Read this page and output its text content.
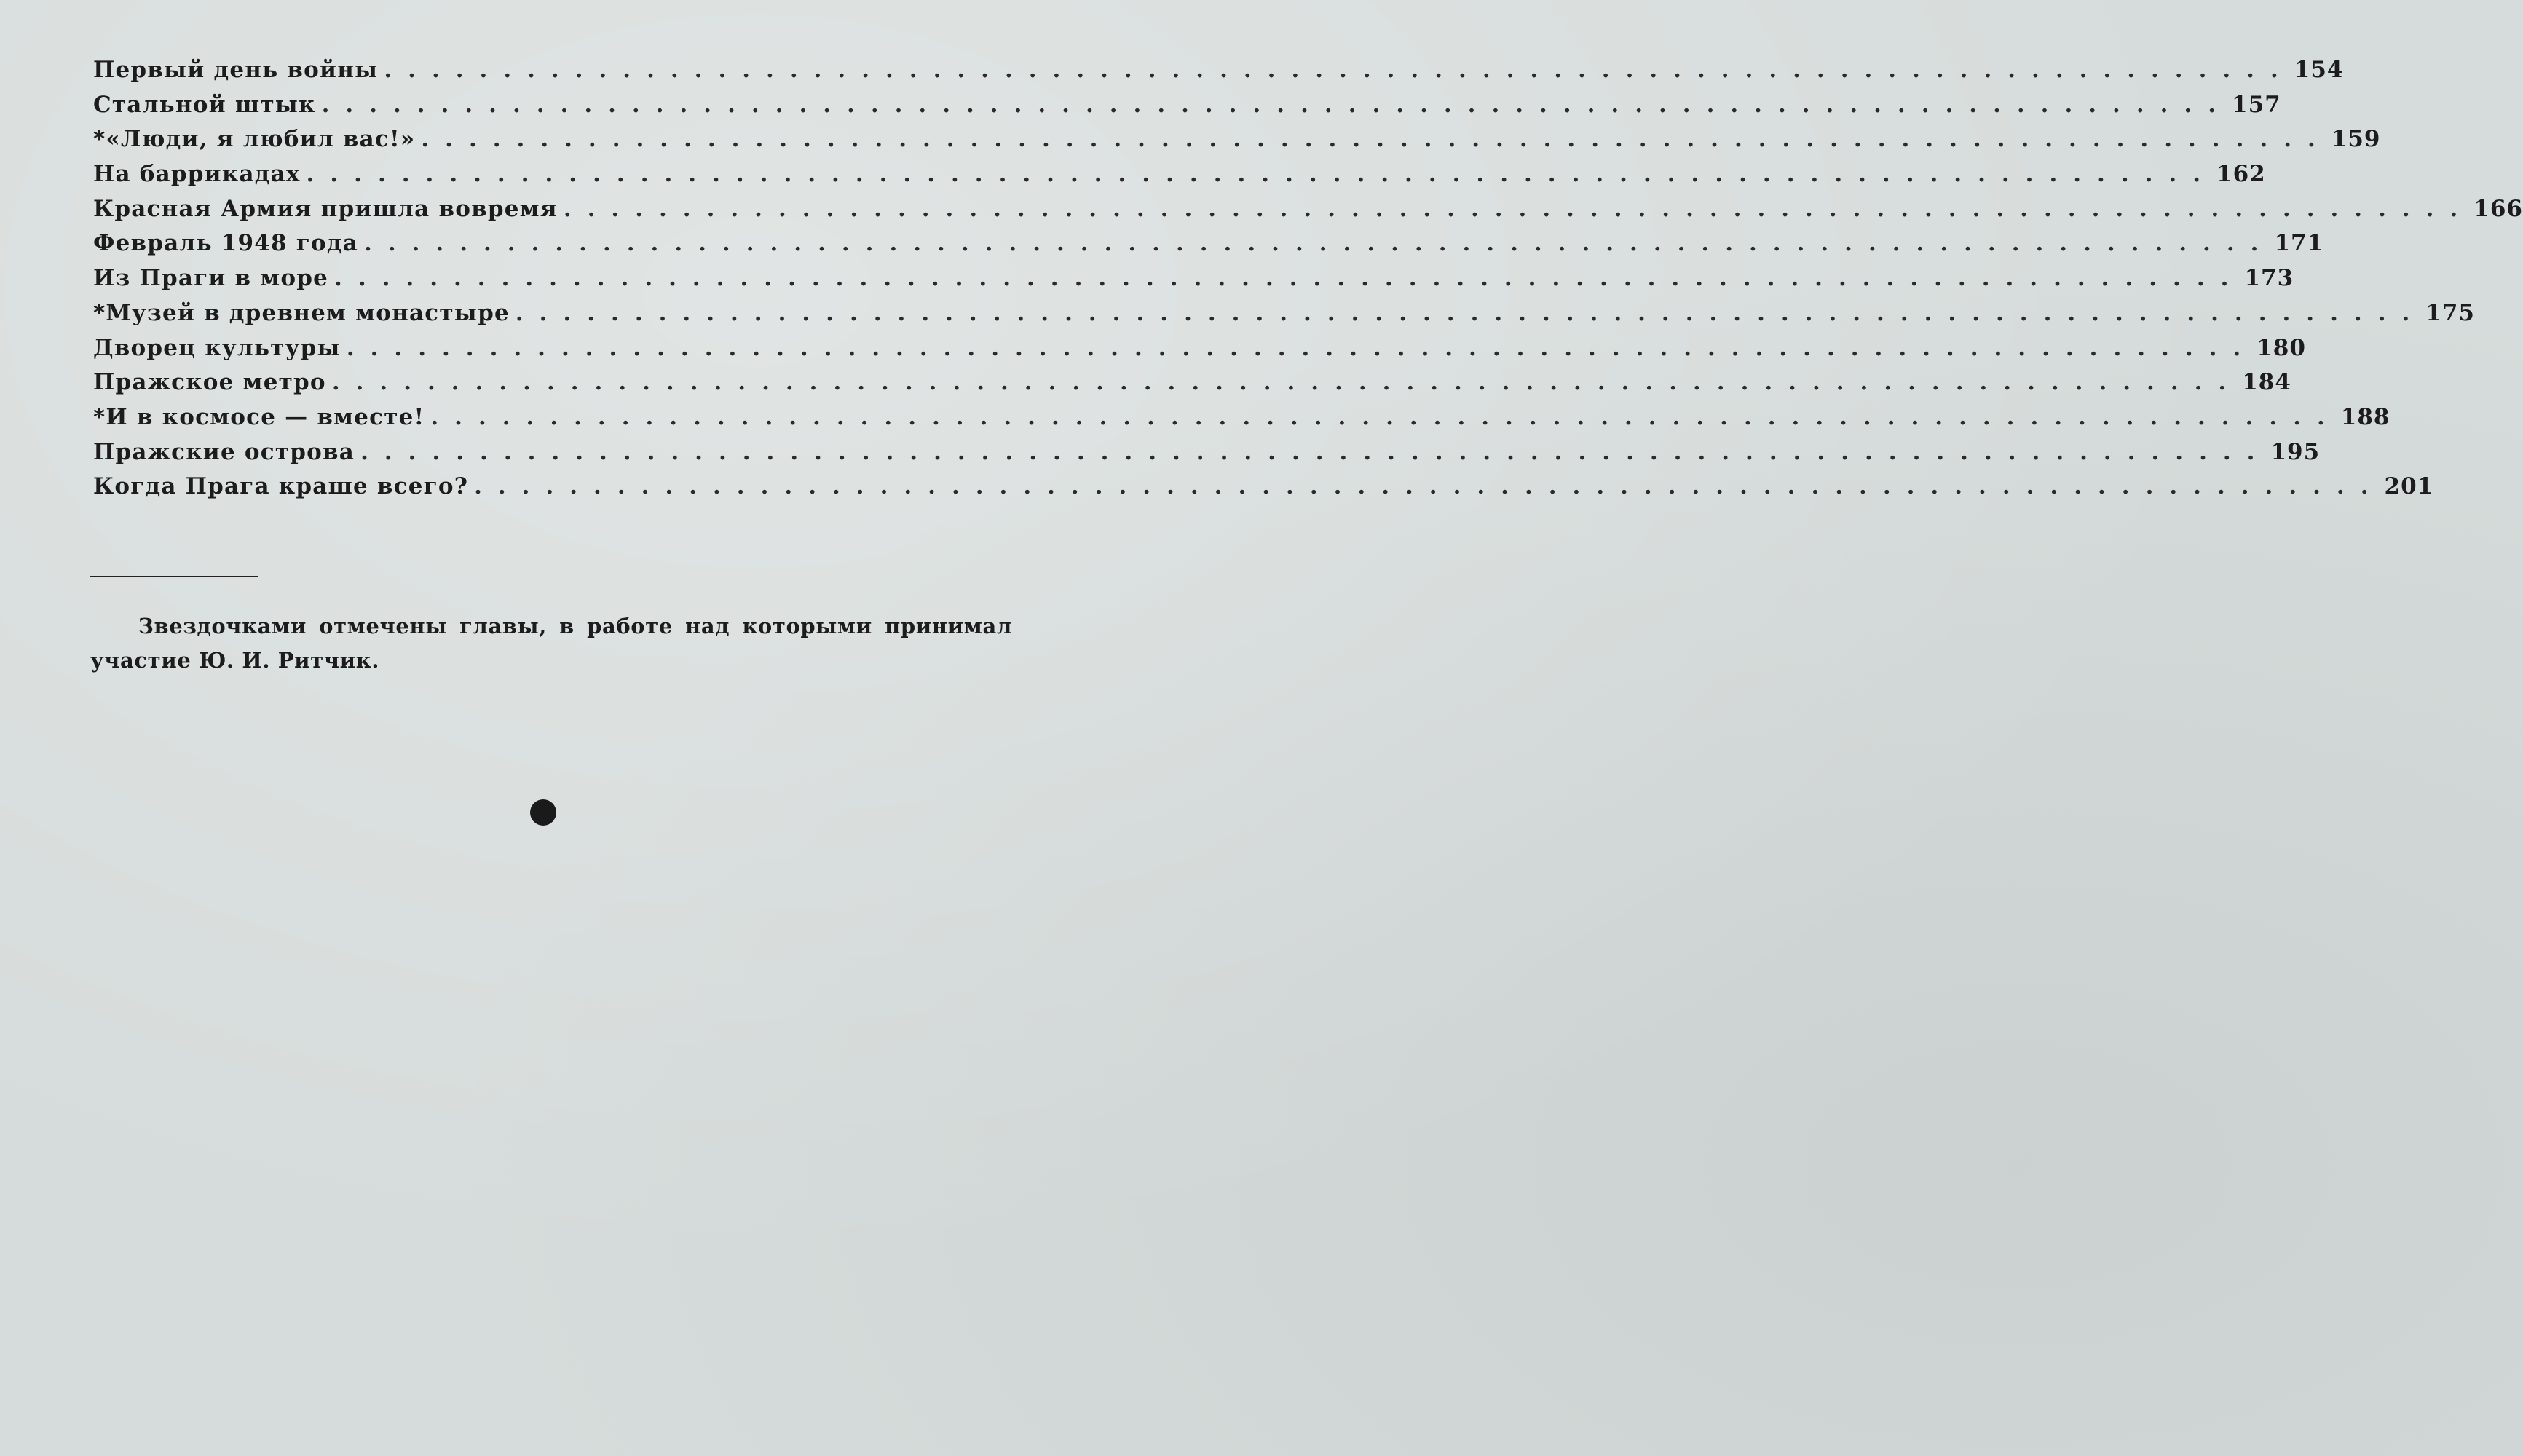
Первый день войны ................................................................................ 154
Стальной штык ................................................................................ 157
*«Люди, я любил вас!» ................................................................................ 159
На баррикадах ................................................................................ 162
Красная Армия пришла вовремя ................................................................................ 166
Февраль 1948 года ................................................................................ 171
Из Праги в море ................................................................................ 173
*Музей в древнем монастыре ................................................................................ 175
Дворец культуры ................................................................................ 180
Пражское метро ................................................................................ 184
*И в космосе — вместе! ................................................................................ 188
Пражские острова ................................................................................ 195
Когда Прага краше всего? ................................................................................ 201

Звездочками отмечены главы, в работе над которыми принимал участие Ю. И. Ритчик.
